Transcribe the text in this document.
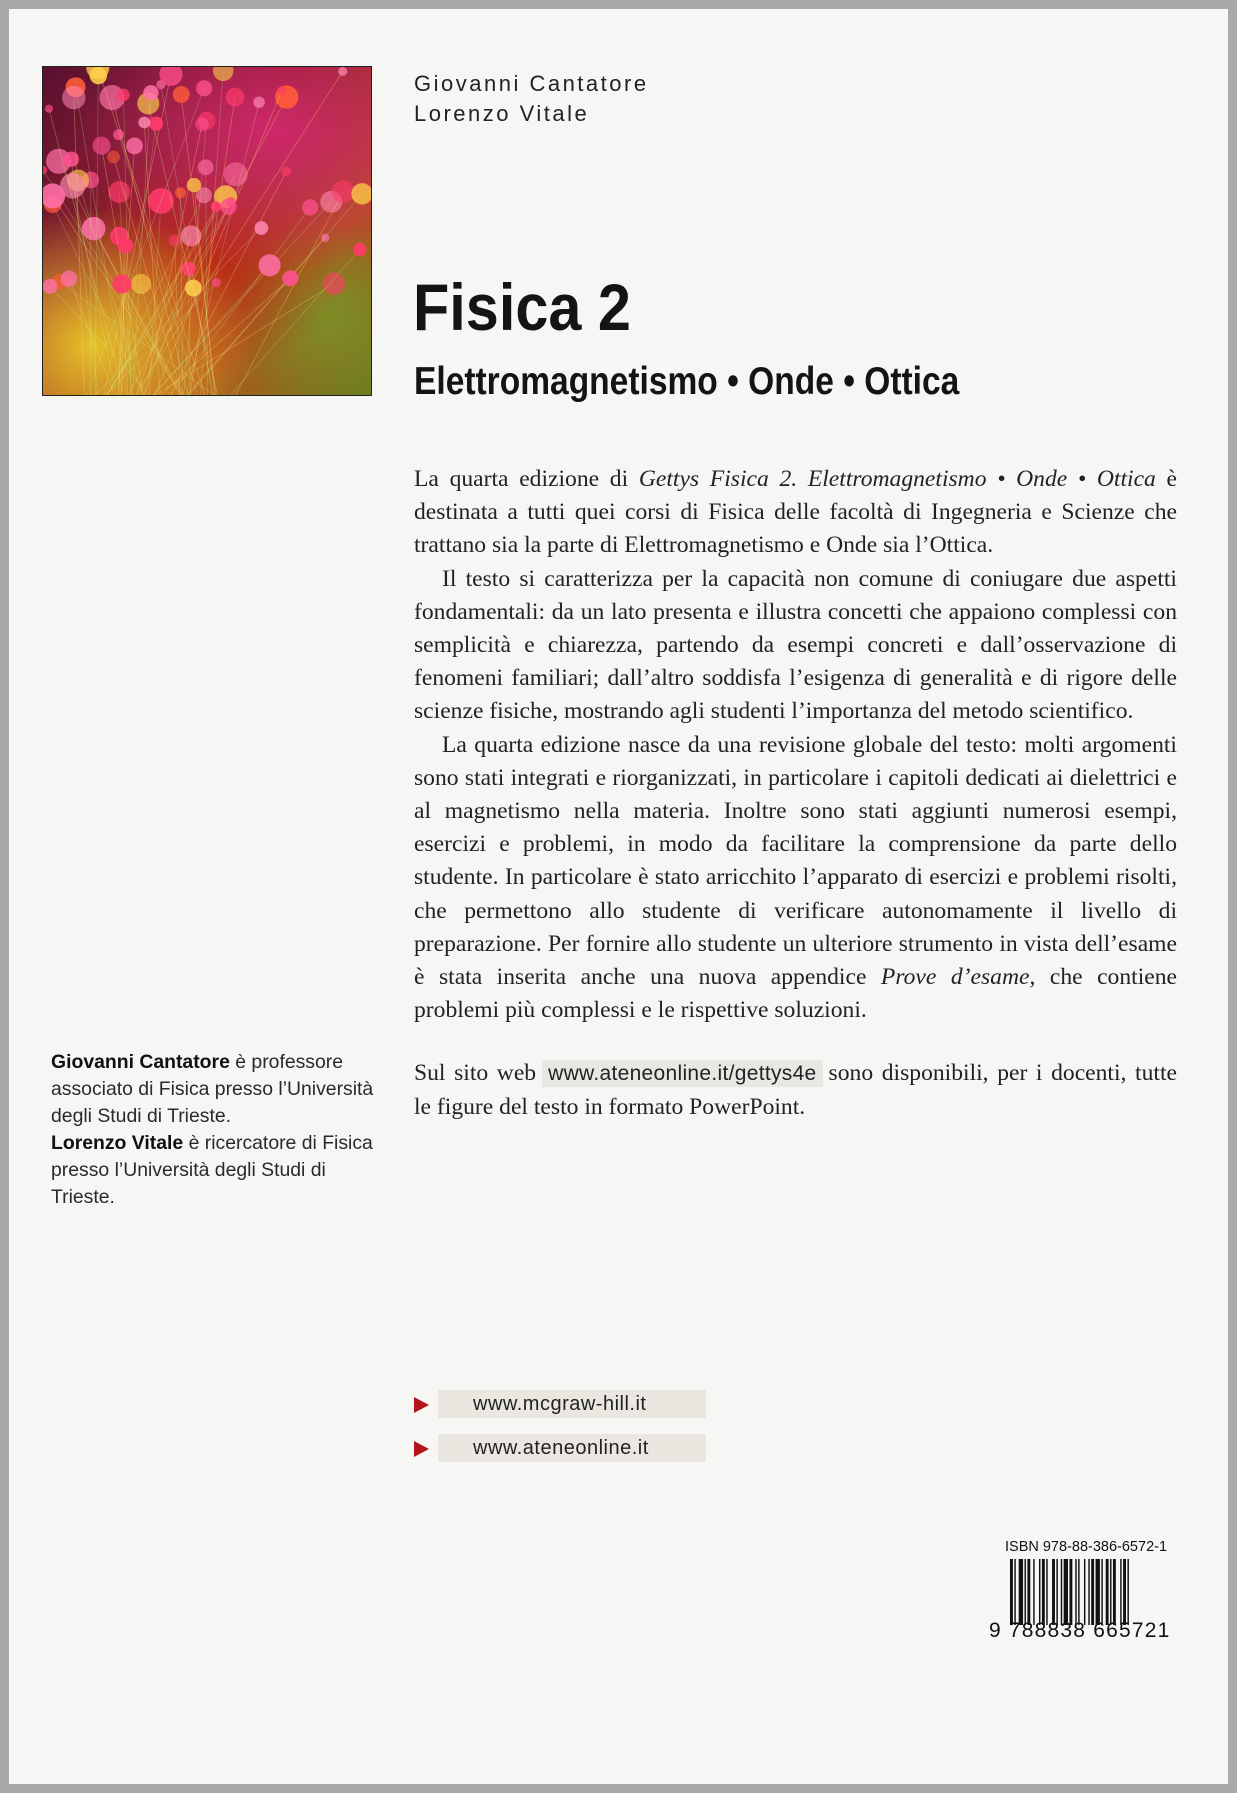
Giovanni Cantatore
Lorenzo Vitale
Fisica 2
Elettromagnetismo • Onde • Ottica

La quarta edizione di Gettys Fisica 2. Elettromagnetismo • Onde • Ottica è destinata a tutti quei corsi di Fisica delle facoltà di Ingegneria e Scienze che trattano sia la parte di Elettromagnetismo e Onde sia l’Ottica.

Il testo si caratterizza per la capacità non comune di coniugare due aspetti fondamentali: da un lato presenta e illustra concetti che appaiono complessi con semplicità e chiarezza, partendo da esempi concreti e dall’osservazione di fenomeni familiari; dall’altro soddisfa l’esigenza di generalità e di rigore delle scienze fisiche, mostrando agli studenti l’importanza del metodo scientifico.

La quarta edizione nasce da una revisione globale del testo: molti argomenti sono stati integrati e riorganizzati, in particolare i capitoli dedicati ai dielettrici e al magnetismo nella materia. Inoltre sono stati aggiunti numerosi esempi, esercizi e problemi, in modo da facilitare la comprensione da parte dello studente. In particolare è stato arricchito l’apparato di esercizi e problemi risolti, che permettono allo studente di verificare autonomamente il livello di preparazione. Per fornire allo studente un ulteriore strumento in vista dell’esame è stata inserita anche una nuova appendice Prove d’esame, che contiene problemi più complessi e le rispettive soluzioni.

Sul sito web www.ateneonline.it/gettys4e sono disponibili, per i docenti, tutte le figure del testo in formato PowerPoint.

Giovanni Cantatore è professore associato di Fisica presso l’Università degli Studi di Trieste.
Lorenzo Vitale è ricercatore di Fisica presso l’Università degli Studi di Trieste.
www.mcgraw-hill.it
www.ateneonline.it
ISBN 978-88-386-6572-1
9 788838 665721
